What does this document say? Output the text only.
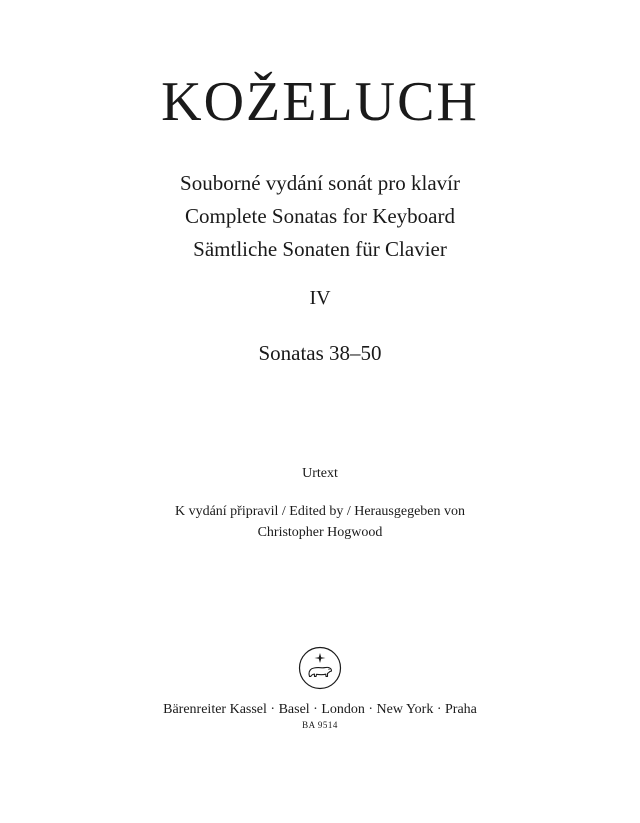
KOŽELUCH

Souborné vydání sonát pro klavír

Complete Sonatas for Keyboard

Sämtliche Sonaten für Clavier

IV

Sonatas 38–50

Urtext

K vydání připravil / Edited by / Herausgegeben von

Christopher Hogwood

Bärenreiter Kassel · Basel · London · New York · Praha

BA 9514
